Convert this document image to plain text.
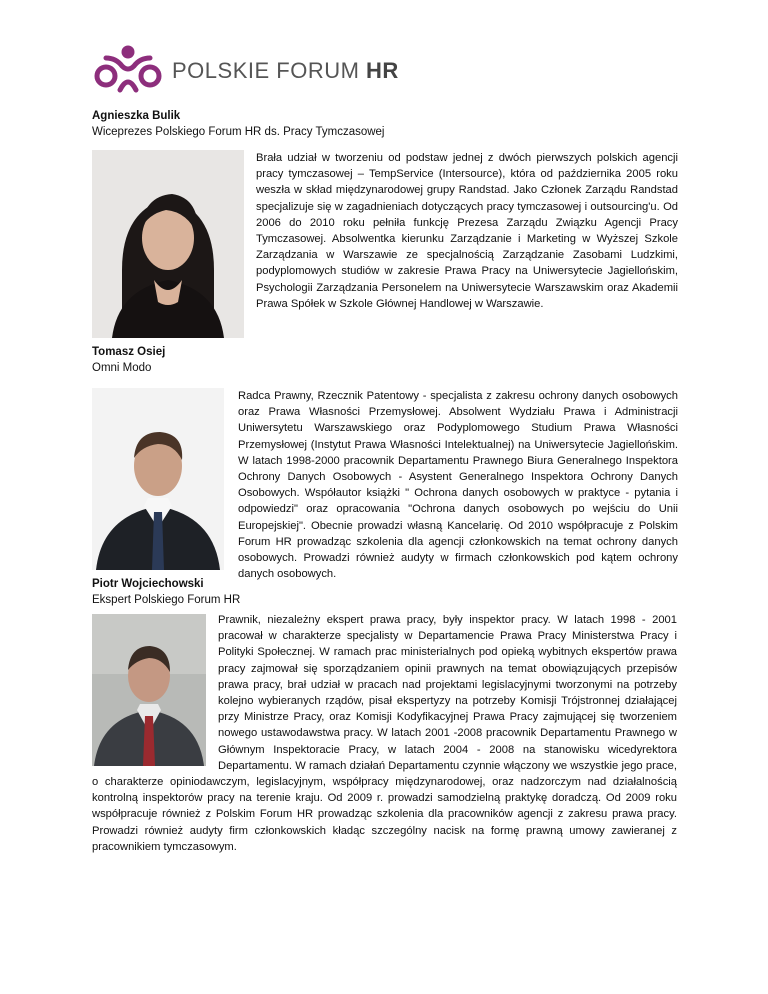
POLSKIE FORUM HR
Agnieszka Bulik
Wiceprezes Polskiego Forum HR ds. Pracy Tymczasowej
Brała udział w tworzeniu od podstaw jednej z dwóch pierwszych polskich agencji pracy tymczasowej – TempService (Intersource), która od października 2005 roku weszła w skład międzynarodowej grupy Randstad. Jako Członek Zarządu Randstad specjalizuje się w zagadnieniach dotyczących pracy tymczasowej i outsourcing'u. Od 2006 do 2010 roku pełniła funkcję Prezesa Zarządu Związku Agencji Pracy Tymczasowej. Absolwentka kierunku Zarządzanie i Marketing w Wyższej Szkole Zarządzania w Warszawie ze specjalnością Zarządzanie Zasobami Ludzkimi, podyplomowych studiów w zakresie Prawa Pracy na Uniwersytecie Jagiellońskim, Psychologii Zarządzania Personelem na Uniwersytecie Warszawskim oraz Akademii Prawa Spółek w Szkole Głównej Handlowej w Warszawie.
Tomasz Osiej
Omni Modo
Radca Prawny, Rzecznik Patentowy - specjalista z zakresu ochrony danych osobowych oraz Prawa Własności Przemysłowej. Absolwent Wydziału Prawa i Administracji Uniwersytetu Warszawskiego oraz Podyplomowego Studium Prawa Własności Przemysłowej (Instytut Prawa Własności Intelektualnej) na Uniwersytecie Jagiellońskim. W latach 1998-2000 pracownik Departamentu Prawnego Biura Generalnego Inspektora Ochrony Danych Osobowych - Asystent Generalnego Inspektora Ochrony Danych Osobowych. Współautor książki " Ochrona danych osobowych w praktyce - pytania i odpowiedzi" oraz opracowania "Ochrona danych osobowych po wejściu do Unii Europejskiej". Obecnie prowadzi własną Kancelarię. Od 2010 współpracuje z Polskim Forum HR prowadząc szkolenia dla agencji członkowskich na temat ochrony danych osobowych. Prowadzi również audyty w firmach członkowskich pod kątem ochrony danych osobowych.
Piotr Wojciechowski
Ekspert Polskiego Forum HR
Prawnik, niezależny ekspert prawa pracy, były inspektor pracy. W latach 1998 - 2001 pracował w charakterze specjalisty w Departamencie Prawa Pracy Ministerstwa Pracy i Polityki Społecznej. W ramach prac ministerialnych pod opieką wybitnych ekspertów prawa pracy zajmował się sporządzaniem opinii prawnych na temat obowiązujących przepisów prawa pracy, brał udział w pracach nad projektami legislacyjnymi tworzonymi na potrzeby kolejno wybieranych rządów, pisał ekspertyzy na potrzeby Komisji Trójstronnej działającej przy Ministrze Pracy, oraz Komisji Kodyfikacyjnej Prawa Pracy zajmującej się tworzeniem nowego ustawodawstwa pracy. W latach 2001 -2008 pracownik Departamentu Prawnego w Głównym Inspektoracie Pracy, w latach 2004 - 2008 na stanowisku wicedyrektora Departamentu. W ramach działań Departamentu czynnie włączony we wszystkie jego prace, o charakterze opiniodawczym, legislacyjnym, współpracy międzynarodowej, oraz nadzorczym nad działalnością kontrolną inspektorów pracy na terenie kraju. Od 2009 r. prowadzi samodzielną praktykę doradczą. Od 2009 roku współpracuje również z Polskim Forum HR prowadząc szkolenia dla pracowników agencji z zakresu prawa pracy. Prowadzi również audyty firm członkowskich kładąc szczególny nacisk na formę prawną umowy zawieranej z pracownikiem tymczasowym.
